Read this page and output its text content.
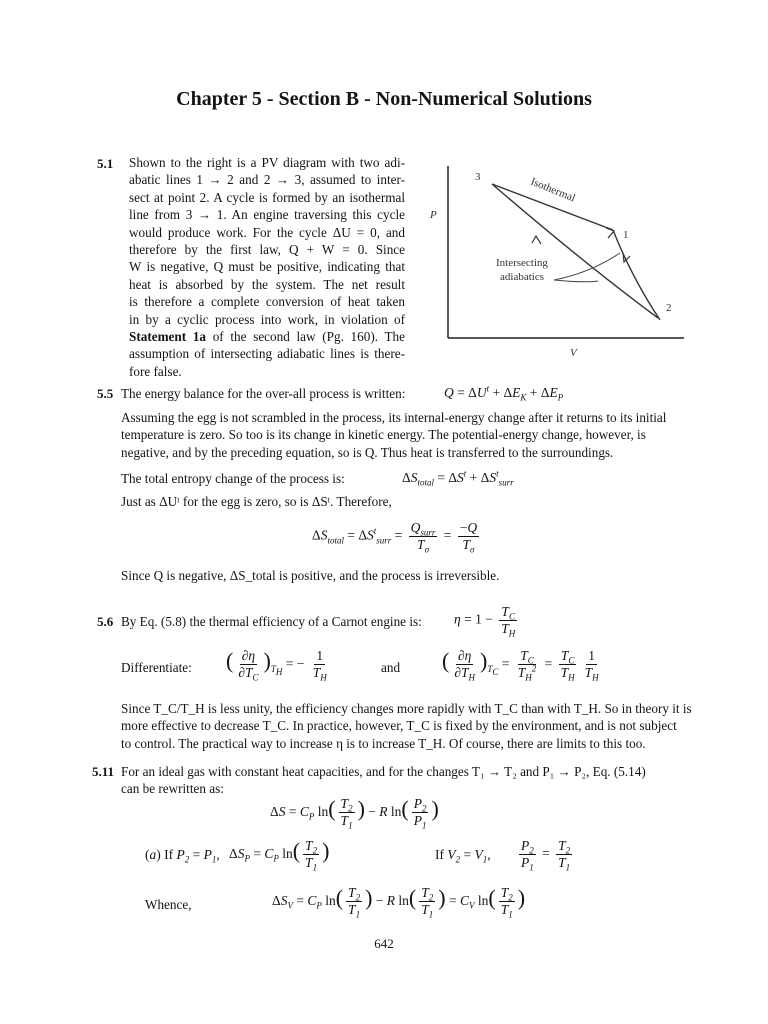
Chapter 5 - Section B - Non-Numerical Solutions
5.1 Shown to the right is a PV diagram with two adi-
abatic lines 1 → 2 and 2 → 3, assumed to inter-
sect at point 2. A cycle is formed by an isothermal
line from 3 → 1. An engine traversing this cycle
would produce work. For the cycle ΔU = 0, and
therefore by the first law, Q + W = 0. Since
W is negative, Q must be positive, indicating that
heat is absorbed by the system. The net result
is therefore a complete conversion of heat taken
in by a cyclic process into work, in violation of
Statement 1a of the second law (Pg. 160). The
assumption of intersecting adiabatic lines is there-
fore false.
3
1
2
Isothermal
Intersecting
adiabatics
P
V
5.5 The energy balance for the over-all process is written:	$Q = \Delta U^t + \Delta E_K + \Delta E_P$
Assuming the egg is not scrambled in the process, its internal-energy change after it returns to its initial
temperature is zero. So too is its change in kinetic energy. The potential-energy change, however, is
negative, and by the preceding equation, so is Q. Thus heat is transferred to the surroundings.
The total entropy change of the process is:	$\Delta S_{total} = \Delta S^t + \Delta S^t_{surr}$
Just as ΔUᵗ for the egg is zero, so is ΔSᵗ. Therefore,
$\Delta S_{total} = \Delta S^t_{surr} = \frac{Q_{surr}}{T_\sigma} = \frac{-Q}{T_\sigma}$
Since Q is negative, ΔS_total is positive, and the process is irreversible.
5.6 By Eq. (5.8) the thermal efficiency of a Carnot engine is: $\eta = 1 - \frac{T_C}{T_H}$
Differentiate: ( $\frac{\partial\eta}{\partial T_C} )_{T_H}$ = − $\frac{1}{T_H}$	and ( $\frac{\partial\eta}{\partial T_H} )_{T_C} = \frac{T_C}{T_H^2} = \frac{T_C}{T_H} \frac{1}{T_H}$
Since T_C/T_H is less unity, the efficiency changes more rapidly with T_C than with T_H. So in theory it is
more effective to decrease T_C. In practice, however, T_C is fixed by the environment, and is not subject
to control. The practical way to increase η is to increase T_H. Of course, there are limits to this too.
5.11 For an ideal gas with constant heat capacities, and for the changes T₁ → T₂ and P₁ → P₂, Eq. (5.14)
can be rewritten as:
$\Delta S = C_P$ $\ln( \frac{T_2}{T_1}$ ) − R $\ln( \frac{P_2}{P_1}$ )
(a) If $P_2 = P_1$, $\Delta S_P = C_P$ $\ln( \frac{T_2}{T_1}$ )	If $V_2 = V_1$, $\frac{P_2}{P_1} = \frac{T_2}{T_1}$
Whence,	$\Delta S_V = C_P$ $\ln( \frac{T_2}{T_1}$ ) − R $\ln( \frac{T_2}{T_1}$ ) = $C_V$ $\ln( \frac{T_2}{T_1}$ )
642
